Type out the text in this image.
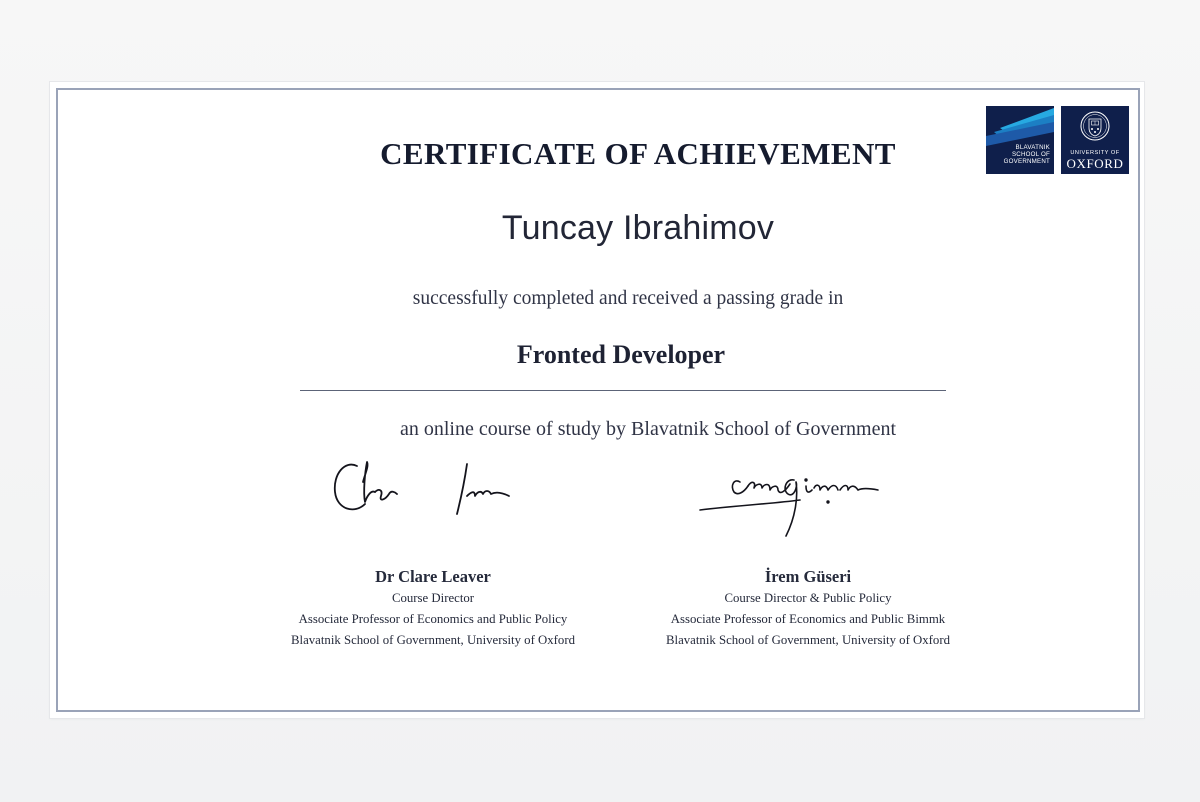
BLAVATNIK
SCHOOL OF
GOVERNMENT
UNIVERSITY OF
OXFORD
CERTIFICATE OF ACHIEVEMENT
Tuncay Ibrahimov
successfully completed and received a passing grade in
Fronted Developer
an online course of study by Blavatnik School of Government
Dr Clare Leaver
Course Director
Associate Professor of Economics and Public Policy
Blavatnik School of Government, University of Oxford
İrem Güseri
Course Director & Public Policy
Associate Professor of Economics and Public Bimmk
Blavatnik School of Government, University of Oxford
